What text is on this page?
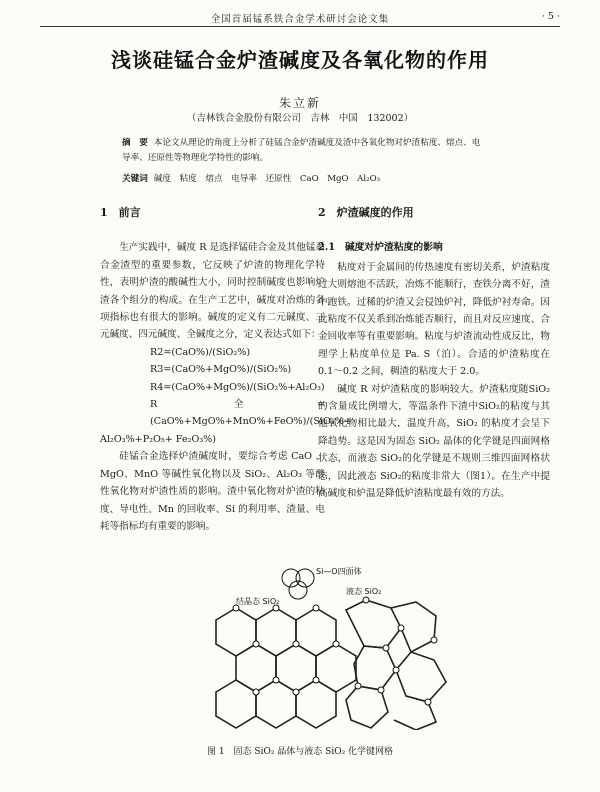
全国首届锰系铁合金学术研讨会论文集	· 5 ·
浅谈硅锰合金炉渣碱度及各氧化物的作用
朱立新
（吉林铁合金股份有限公司　吉林　中国　132002）
摘　要 本论文从理论的角度上分析了硅锰合金炉渣碱度及渣中各氧化物对炉渣粘度、熔点、电导率、还原性等物理化学特性的影响。
关键词 碱度　粘度　熔点　电导率　还原性　CaO　MgO　Al₂O₃
1　前言

生产实践中，碱度 R 是选择锰硅合金及其他锰系合金渣型的重要参数，它反映了炉渣的物理化学特性，表明炉渣的酸碱性大小，同时控制碱度也影响炉渣各个组分的构成。在生产工艺中，碱度对冶炼的各项指标也有很大的影响。碱度的定义有二元碱度、三元碱度、四元碱度、全碱度之分，定义表达式如下：

R2=(CaO%)/(SiO₂%)
R3=(CaO%+MgO%)/(SiO₂%)
R4=(CaO%+MgO%)/(SiO₂%+Al₂O₃)
R 全=(CaO%+MgO%+MnO%+FeO%)/(SiO₂%+
Al₂O₃%+P₂O₅+ Fe₂O₃%)

硅锰合金选择炉渣碱度时，要综合考虑 CaO 、MgO、MnO 等碱性氧化物以及 SiO₂、Al₂O₃ 等酸性氧化物对炉渣性质的影响。渣中氧化物对炉渣的粘度、导电性、Mn 的回收率、Si 的利用率、渣量、电耗等指标均有重要的影响。

2　炉渣碱度的作用
2.1　碱度对炉渣粘度的影响

粘度对于金属间的传热速度有密切关系，炉渣粘度过大则熔池不活跃，冶炼不能顺行，查铁分离不好，渣中跑铁。过稀的炉渣又会侵蚀炉衬，降低炉衬寿命。因此粘度不仅关系到冶炼能否顺行，而且对反应速度、合金回收率等有重要影响。粘度与炉渣流动性成反比，物理学上粘度单位是 Pa. S（泊）。合适的炉渣粘度在 0.1～0.2 之间，稠渣的粘度大于 2.0。

碱度 R 对炉渣粘度的影响较大。炉渣粘度随SiO₂的含量成比例增大，等温条件下渣中SiO₂的粘度与其他氧化物相比最大，温度升高，SiO₂ 的粘度才会呈下降趋势。这是因为固态 SiO₂ 晶体的化学键是四面网格状态，而液态 SiO₂的化学键是不规则三维四面网格状态，因此液态 SiO₂的粘度非常大（图1）。在生产中提高碱度和炉温是降低炉渣粘度最有效的方法。

结晶态 SiO₂
Si—O四面体
液态 SiO₂
图 1　固态 SiO₂ 晶体与液态 SiO₂ 化学键网格
